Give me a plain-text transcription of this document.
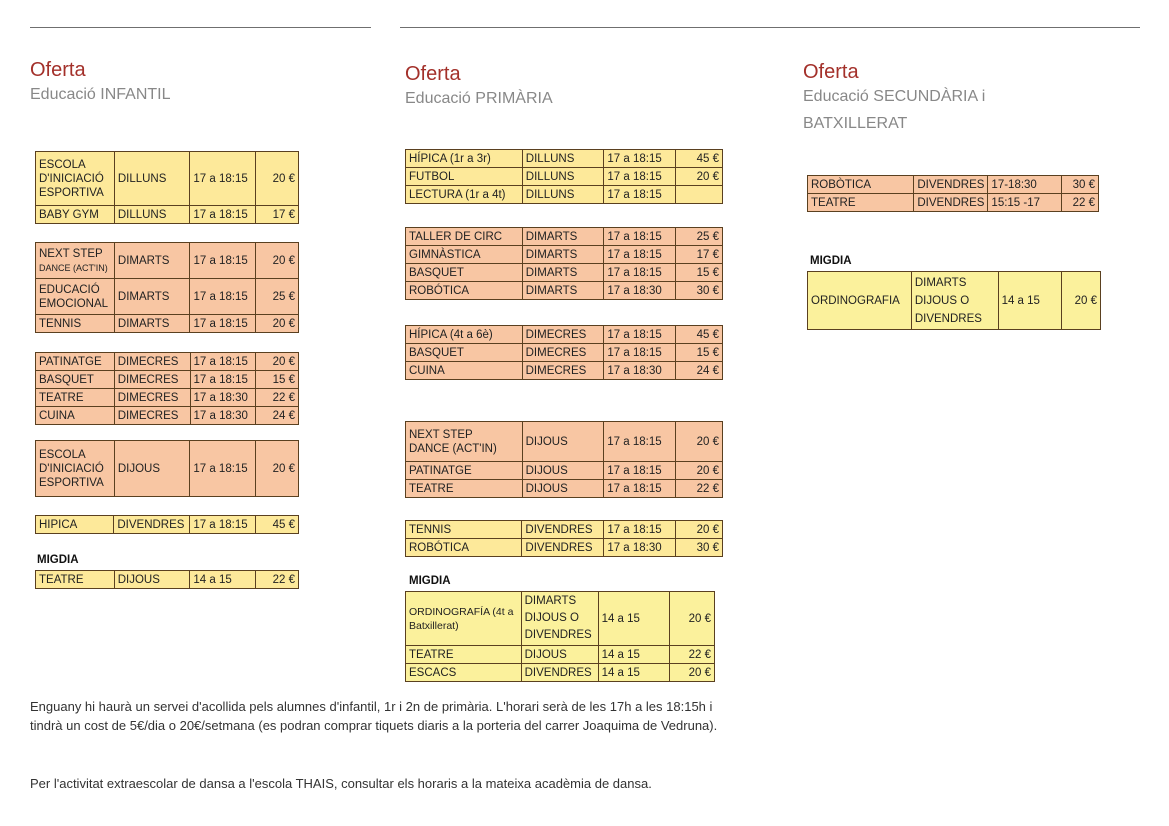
Oferta
Educació INFANTIL
Oferta
Educació PRIMÀRIA
Oferta
Educació SECUNDÀRIA i
BATXILLERAT
ESCOLA D'INICIACIÓ ESPORTIVA	DILLUNS	17 a 18:15	20 €
BABY GYM	DILLUNS	17 a 18:15	17 €
NEXT STEP
DANCE (ACT'IN)	DIMARTS	17 a 18:15	20 €
EDUCACIÓ
EMOCIONAL	DIMARTS	17 a 18:15	25 €
TENNIS	DIMARTS	17 a 18:15	20 €
PATINATGE	DIMECRES	17 a 18:15	20 €
BASQUET	DIMECRES	17 a 18:15	15 €
TEATRE	DIMECRES	17 a 18:30	22 €
CUINA	DIMECRES	17 a 18:30	24 €
ESCOLA D'INICIACIÓ ESPORTIVA	DIJOUS	17 a 18:15	20 €
HIPICA	DIVENDRES	17 a 18:15	45 €
MIGDIA
TEATRE	DIJOUS	14 a 15	22 €
HÍPICA (1r a 3r)	DILLUNS	17 a 18:15	45 €
FUTBOL	DILLUNS	17 a 18:15	20 €
LECTURA (1r a 4t)	DILLUNS	17 a 18:15	
TALLER DE CIRC	DIMARTS	17 a 18:15	25 €
GIMNÀSTICA	DIMARTS	17 a 18:15	17 €
BASQUET	DIMARTS	17 a 18:15	15 €
ROBÓTICA	DIMARTS	17 a 18:30	30 €
HÍPICA (4t a 6è)	DIMECRES	17 a 18:15	45 €
BASQUET	DIMECRES	17 a 18:15	15 €
CUINA	DIMECRES	17 a 18:30	24 €
NEXT STEP
DANCE (ACT'IN)	DIJOUS	17 a 18:15	20 €
PATINATGE	DIJOUS	17 a 18:15	20 €
TEATRE	DIJOUS	17 a 18:15	22 €
TENNIS	DIVENDRES	17 a 18:15	20 €
ROBÓTICA	DIVENDRES	17 a 18:30	30 €
MIGDIA
ORDINOGRAFÍA (4t a Batxillerat)	DIMARTS DIJOUS O DIVENDRES	14 a 15	20 €
TEATRE	DIJOUS	14 a 15	22 €
ESCACS	DIVENDRES	14 a 15	20 €
ROBÒTICA	DIVENDRES	17-18:30	30 €
TEATRE	DIVENDRES	15:15 -17	22 €
MIGDIA
ORDINOGRAFIA	DIMARTS DIJOUS O DIVENDRES	14 a 15	20 €
Enguany hi haurà un servei d'acollida pels alumnes d'infantil, 1r i 2n de primària. L'horari serà de les 17h a les 18:15h i tindrà un cost de 5€/dia o 20€/setmana (es podran comprar tiquets diaris a la porteria del carrer Joaquima de Vedruna).
Per l'activitat extraescolar de dansa a l'escola THAIS, consultar els horaris a la mateixa acadèmia de dansa.
